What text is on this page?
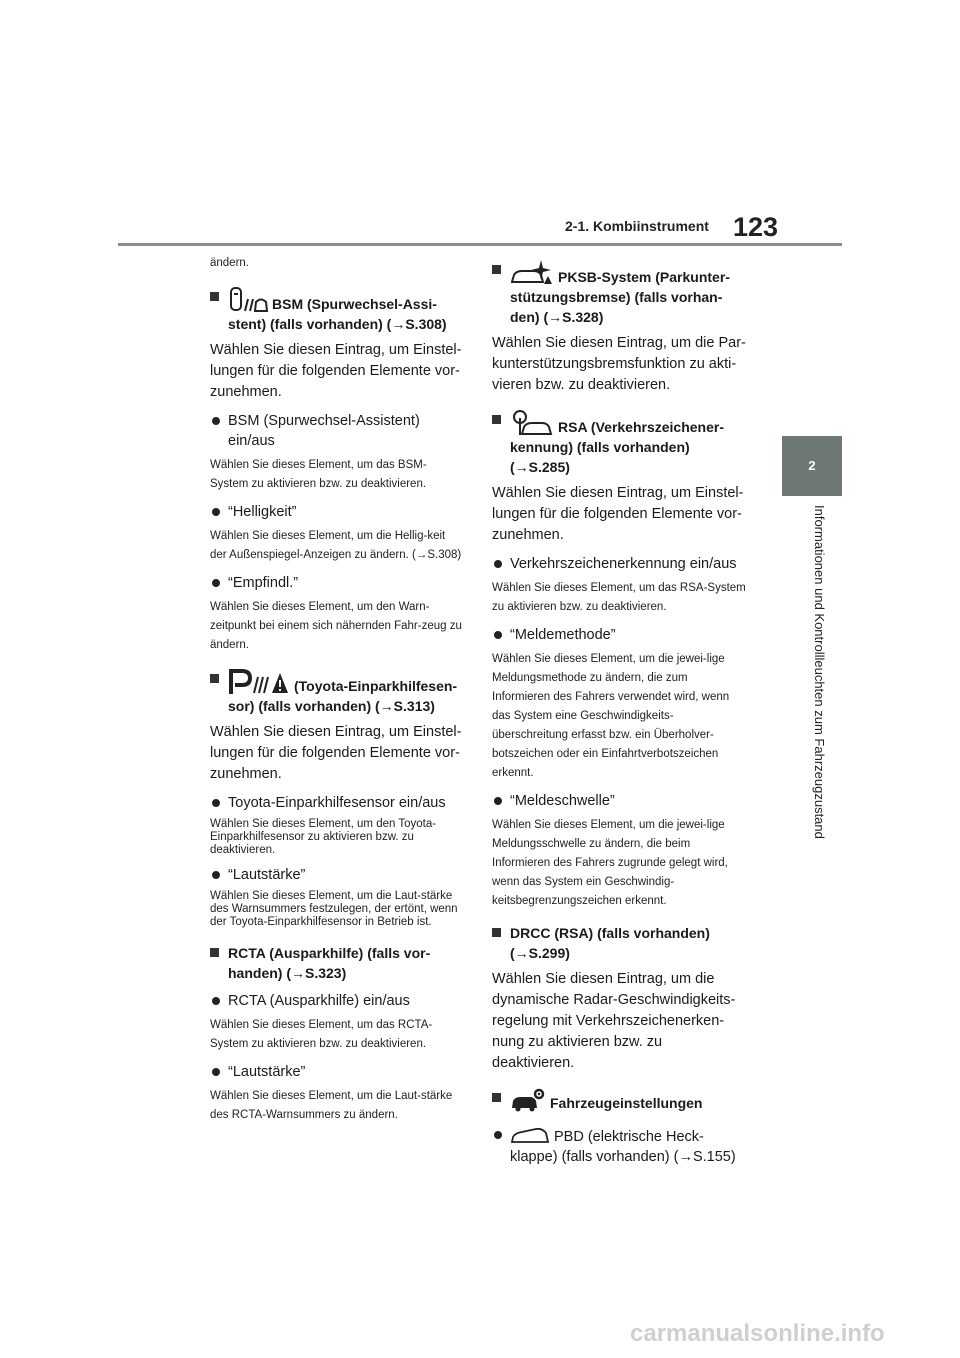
123
2-1. Kombiinstrument
2
Informationen und Kontrollleuchten zum Fahrzeugzustand

ändern.

BSM (Spurwechsel-Assi-stent) (falls vorhanden) (→S.308)

Wählen Sie diesen Eintrag, um Einstel-lungen für die folgenden Elemente vor-zunehmen.

BSM (Spurwechsel-Assistent) ein/aus

Wählen Sie dieses Element, um das BSM-System zu aktivieren bzw. zu deaktivieren.

“Helligkeit”

Wählen Sie dieses Element, um die Hellig-keit der Außenspiegel-Anzeigen zu ändern. (→S.308)

“Empfindl.”

Wählen Sie dieses Element, um den Warn-zeitpunkt bei einem sich nähernden Fahr-zeug zu ändern.

(Toyota-Einparkhilfesen-sor) (falls vorhanden) (→S.313)

Wählen Sie diesen Eintrag, um Einstel-lungen für die folgenden Elemente vor-zunehmen.

Toyota-Einparkhilfesensor ein/aus

Wählen Sie dieses Element, um den Toyota-Einparkhilfesensor zu aktivieren bzw. zu deaktivieren.

“Lautstärke”

Wählen Sie dieses Element, um die Laut-stärke des Warnsummers festzulegen, der ertönt, wenn der Toyota-Einparkhilfesensor in Betrieb ist.

RCTA (Ausparkhilfe) (falls vor-handen) (→S.323)
RCTA (Ausparkhilfe) ein/aus

Wählen Sie dieses Element, um das RCTA-System zu aktivieren bzw. zu deaktivieren.

“Lautstärke”

Wählen Sie dieses Element, um die Laut-stärke des RCTA-Warnsummers zu ändern.

PKSB-System (Parkunter-stützungsbremse) (falls vorhan-den) (→S.328)

Wählen Sie diesen Eintrag, um die Par-kunterstützungsbremsfunktion zu akti-vieren bzw. zu deaktivieren.

RSA (Verkehrszeichener-kennung) (falls vorhanden) (→S.285)

Wählen Sie diesen Eintrag, um Einstel-lungen für die folgenden Elemente vor-zunehmen.

Verkehrszeichenerkennung ein/aus

Wählen Sie dieses Element, um das RSA-System zu aktivieren bzw. zu deaktivieren.

“Meldemethode”

Wählen Sie dieses Element, um die jewei-lige Meldungsmethode zu ändern, die zum Informieren des Fahrers verwendet wird, wenn das System eine Geschwindigkeits-überschreitung erfasst bzw. ein Überholver-botszeichen oder ein Einfahrtverbotszeichen erkennt.

“Meldeschwelle”

Wählen Sie dieses Element, um die jewei-lige Meldungsschwelle zu ändern, die beim Informieren des Fahrers zugrunde gelegt wird, wenn das System ein Geschwindig-keitsbegrenzungszeichen erkennt.

DRCC (RSA) (falls vorhanden) (→S.299)

Wählen Sie diesen Eintrag, um die dynamische Radar-Geschwindigkeits-regelung mit Verkehrszeichenerken-nung zu aktivieren bzw. zu deaktivieren.

Fahrzeugeinstellungen
PBD (elektrische Heck-klappe) (falls vorhanden) (→S.155)
carmanualsonline.info
